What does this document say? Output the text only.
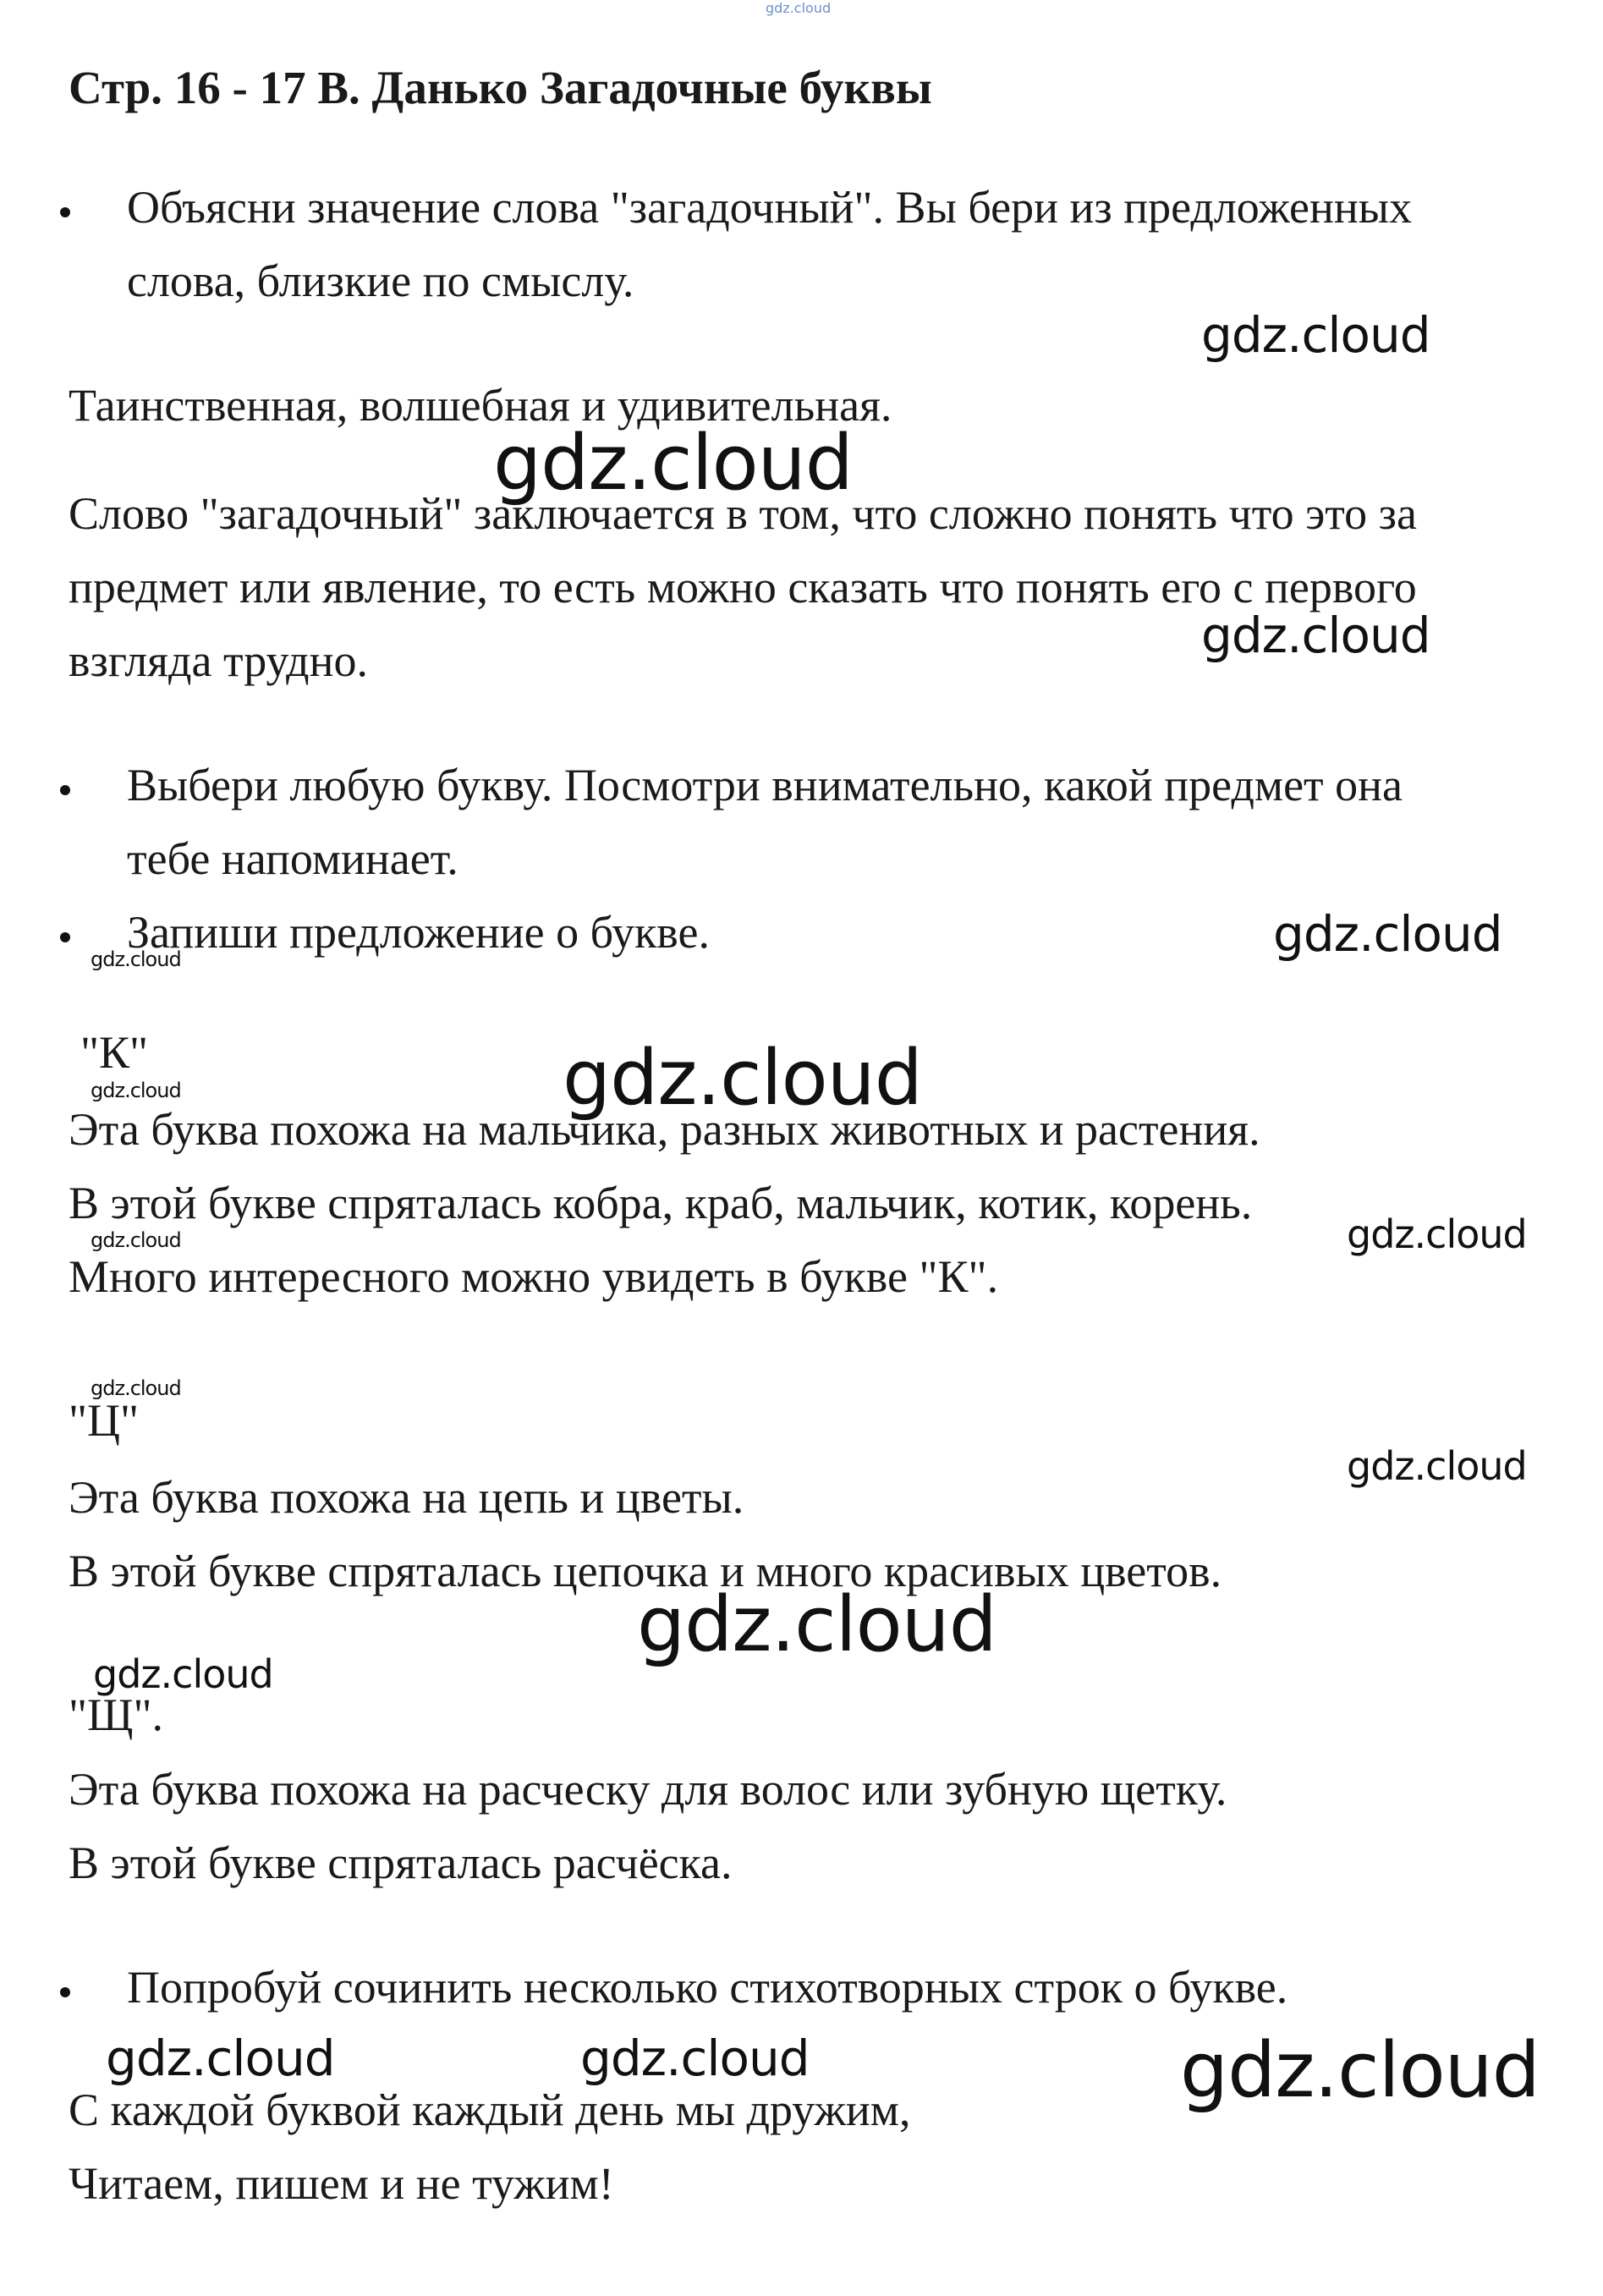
gdz.cloud
Стр. 16 - 17 В. Данько Загадочные буквы
Объясни значение слова "загадочный". Вы бери из предложенных
слова, близкие по смыслу.
Таинственная, волшебная и удивительная.
Слово "загадочный" заключается в том, что сложно понять что это за
предмет или явление, то есть можно сказать что понять его с первого
взгляда трудно.
Выбери любую букву. Посмотри внимательно, какой предмет она
тебе напоминает.
Запиши предложение о букве.
"К"
Эта буква похожа на мальчика, разных животных и растения.
В этой букве спряталась кобра, краб, мальчик, котик, корень.
Много интересного можно увидеть в букве "К".
"Ц"
Эта буква похожа на цепь и цветы.
В этой букве спряталась цепочка и много красивых цветов.
"Щ".
Эта буква похожа на расческу для волос или зубную щетку.
В этой букве спряталась расчёска.
Попробуй сочинить несколько стихотворных строк о букве.
С каждой буквой каждый день мы дружим,
Читаем, пишем и не тужим!
gdz.cloud
gdz.cloud
gdz.cloud
gdz.cloud
gdz.cloud
gdz.cloud
gdz.cloud
gdz.cloud	gdz.cloud
gdz.cloud
gdz.cloud
gdz.cloud
gdz.cloud
gdz.cloud	gdz.cloud	gdz.cloud
